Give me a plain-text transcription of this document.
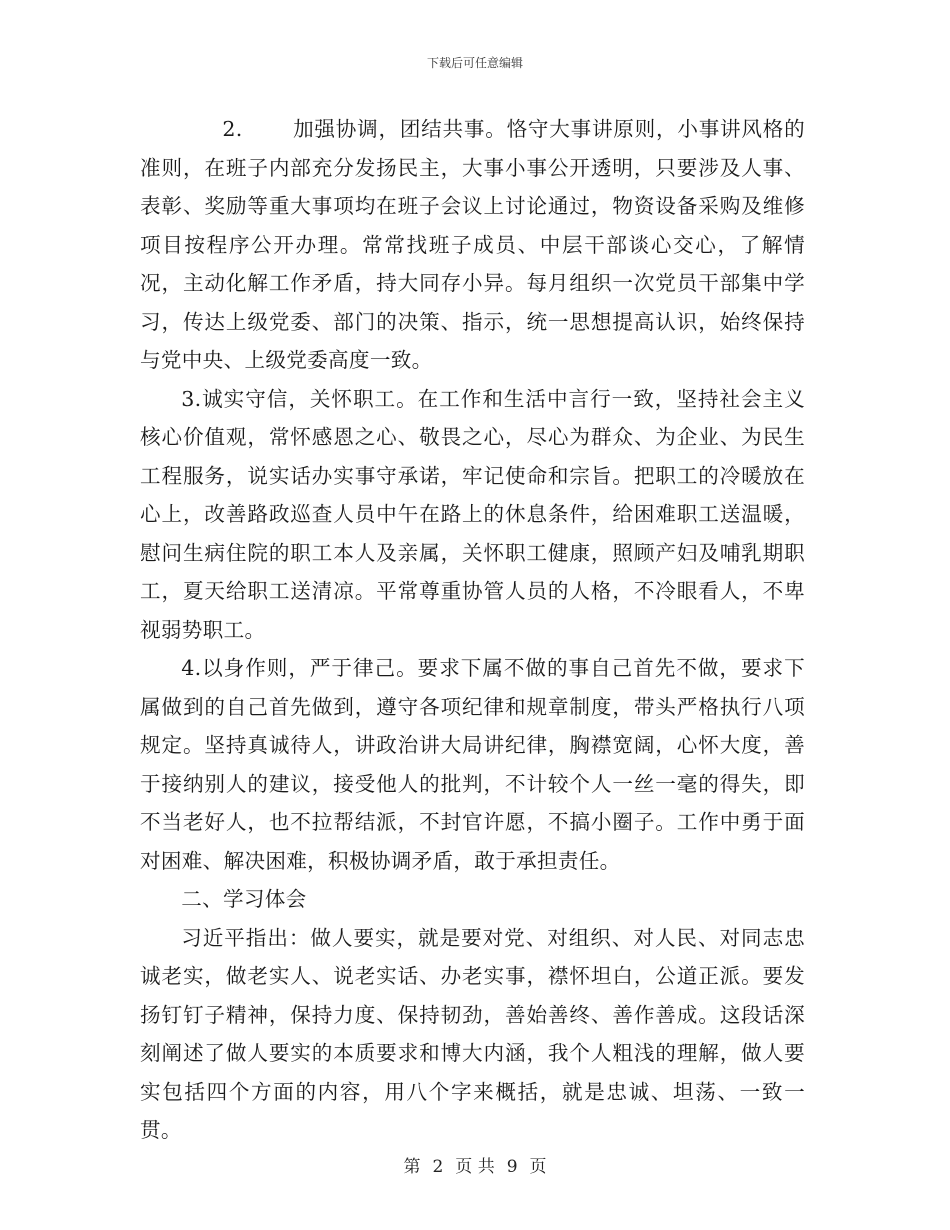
下载后可任意编辑

2. 加强协调，团结共事。恪守大事讲原则，小事讲风格的准则，在班子内部充分发扬民主，大事小事公开透明，只要涉及人事、表彰、奖励等重大事项均在班子会议上讨论通过，物资设备采购及维修项目按程序公开办理。常常找班子成员、中层干部谈心交心，了解情况，主动化解工作矛盾，持大同存小异。每月组织一次党员干部集中学习，传达上级党委、部门的决策、指示，统一思想提高认识，始终保持与党中央、上级党委高度一致。

3.诚实守信，关怀职工。在工作和生活中言行一致，坚持社会主义核心价值观，常怀感恩之心、敬畏之心，尽心为群众、为企业、为民生工程服务，说实话办实事守承诺，牢记使命和宗旨。把职工的冷暖放在心上，改善路政巡查人员中午在路上的休息条件，给困难职工送温暖，慰问生病住院的职工本人及亲属，关怀职工健康，照顾产妇及哺乳期职工，夏天给职工送清凉。平常尊重协管人员的人格，不冷眼看人，不卑视弱势职工。

4.以身作则，严于律己。要求下属不做的事自己首先不做，要求下属做到的自己首先做到，遵守各项纪律和规章制度，带头严格执行八项规定。坚持真诚待人，讲政治讲大局讲纪律，胸襟宽阔，心怀大度，善于接纳别人的建议，接受他人的批判，不计较个人一丝一毫的得失，即不当老好人，也不拉帮结派，不封官许愿，不搞小圈子。工作中勇于面对困难、解决困难，积极协调矛盾，敢于承担责任。

二、学习体会

习近平指出：做人要实，就是要对党、对组织、对人民、对同志忠诚老实，做老实人、说老实话、办老实事，襟怀坦白，公道正派。要发扬钉钉子精神，保持力度、保持韧劲，善始善终、善作善成。这段话深刻阐述了做人要实的本质要求和博大内涵，我个人粗浅的理解，做人要实包括四个方面的内容，用八个字来概括，就是忠诚、坦荡、一致一贯。

第 2 页 共 9 页
